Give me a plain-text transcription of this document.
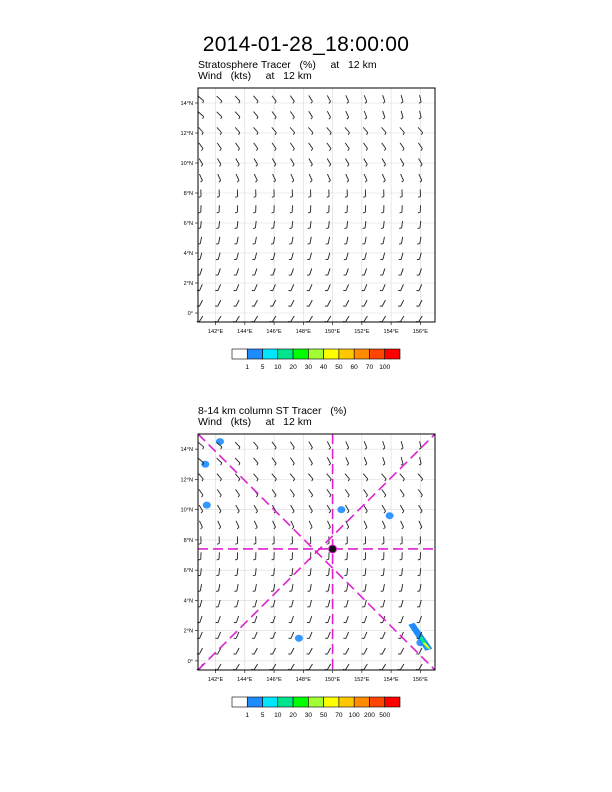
2014-01-28_18:00:00
Stratosphere Tracer   (%)     at   12 km
Wind   (kts)     at   12 km
8-14 km column ST Tracer   (%)
Wind   (kts)     at   12 km
142°E 144°E 146°E 148°E 150°E 152°E 154°E 156°E
0°
2°N
4°N
6°N
8°N
10°N
12°N
14°N
1 5 10 20 30 40 50 60 70 100
142°E 144°E 146°E 148°E 150°E 152°E 154°E 156°E
0°
2°N
4°N
6°N
8°N
10°N
12°N
14°N
1 5 10 20 30 50 70 100 200 500
